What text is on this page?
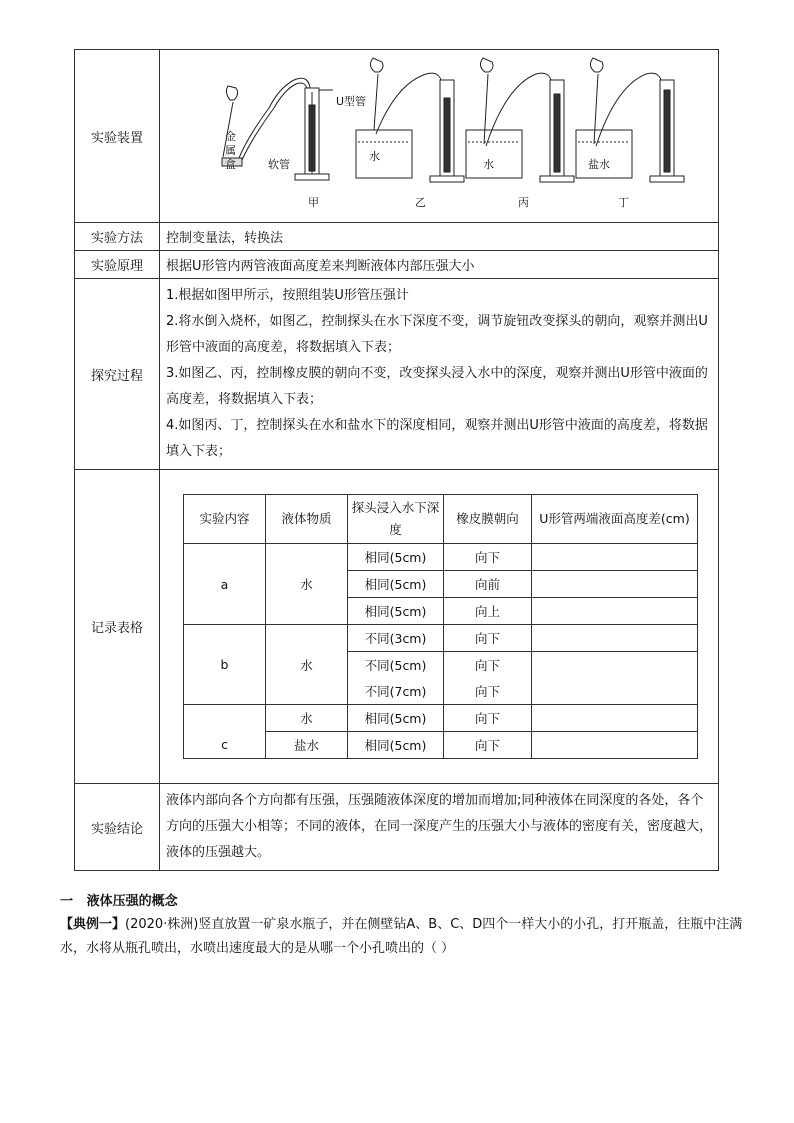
实验装置	
U型管
金
属
盒	软管
水
水	盐水
甲	乙	丙	丁

实验方法	控制变量法，转换法
实验原理	根据U形管内两管液面高度差来判断液体内部压强大小
探究过程	

1.根据如图甲所示，按照组装U形管压强计

2.将水倒入烧杯，如图乙，控制探头在水下深度不变，调节旋钮改变探头的朝向，观察并测出U形管中液面的高度差，将数据填入下表；

3.如图乙、丙，控制橡皮膜的朝向不变，改变探头浸入水中的深度，观察并测出U形管中液面的高度差，将数据填入下表；

4.如图丙、丁，控制探头在水和盐水下的深度相同，观察并测出U形管中液面的高度差，将数据填入下表；

记录表格	
实验内容	液体物质	探头浸入水下深度	橡皮膜朝向	U形管两端液面高度差(cm)
a	水	相同(5cm)	向下	
相同(5cm)	向前	
相同(5cm)	向上	
b	水	不同(3cm)	向下	
不同(5cm)	向下	
不同(7cm)	向下
c	水	相同(5cm)	向下	
盐水	相同(5cm)	向下	

实验结论	液体内部向各个方向都有压强，压强随液体深度的增加而增加;同种液体在同深度的各处，各个方向的压强大小相等；不同的液体，在同一深度产生的压强大小与液体的密度有关，密度越大，液体的压强越大。
一 液体压强的概念
【典例一】(2020·株洲)竖直放置一矿泉水瓶子，并在侧壁钻A、B、C、D四个一样大小的小孔，打开瓶盖，往瓶中注满水，水将从瓶孔喷出，水喷出速度最大的是从哪一个小孔喷出的（ ）
